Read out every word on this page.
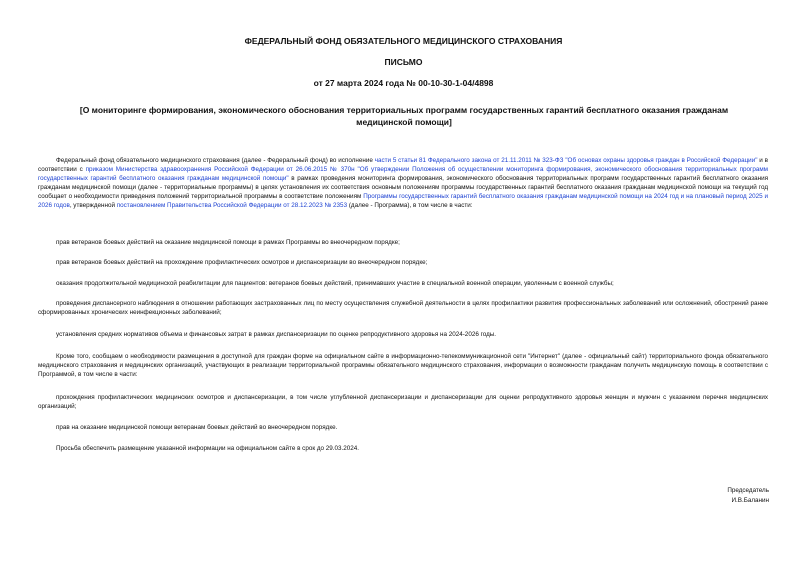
ФЕДЕРАЛЬНЫЙ ФОНД ОБЯЗАТЕЛЬНОГО МЕДИЦИНСКОГО СТРАХОВАНИЯ
ПИСЬМО
от 27 марта 2024 года № 00-10-30-1-04/4898
[О мониторинге формирования, экономического обоснования территориальных программ государственных гарантий бесплатного оказания гражданам медицинской помощи]
Федеральный фонд обязательного медицинского страхования (далее - Федеральный фонд) во исполнение части 5 статьи 81 Федерального закона от 21.11.2011 № 323-ФЗ "Об основах охраны здоровья граждан в Российской Федерации" и в соответствии с приказом Министерства здравоохранения Российской Федерации от 26.06.2015 № 370н "Об утверждении Положения об осуществлении мониторинга формирования, экономического обоснования территориальных программ государственных гарантий бесплатного оказания гражданам медицинской помощи" в рамках проведения мониторинга формирования, экономического обоснования территориальных программ государственных гарантий бесплатного оказания гражданам медицинской помощи (далее - территориальные программы) в целях установления их соответствия основным положениям программы государственных гарантий бесплатного оказания гражданам медицинской помощи на текущий год сообщает о необходимости приведения положений территориальной программы в соответствие положениям Программы государственных гарантий бесплатного оказания гражданам медицинской помощи на 2024 год и на плановый период 2025 и 2026 годов, утвержденной постановлением Правительства Российской Федерации от 28.12.2023 № 2353 (далее - Программа), в том числе в части:
прав ветеранов боевых действий на оказание медицинской помощи в рамках Программы во внеочередном порядке;
прав ветеранов боевых действий на прохождение профилактических осмотров и диспансеризации во внеочередном порядке;
оказания продолжительной медицинской реабилитации для пациентов: ветеранов боевых действий, принимавших участие в специальной военной операции, уволенным с военной службы;
проведения диспансерного наблюдения в отношении работающих застрахованных лиц по месту осуществления служебной деятельности в целях профилактики развития профессиональных заболеваний или осложнений, обострений ранее сформированных хронических неинфекционных заболеваний;
установления средних нормативов объема и финансовых затрат в рамках диспансеризации по оценке репродуктивного здоровья на 2024-2026 годы.
Кроме того, сообщаем о необходимости размещения в доступной для граждан форме на официальном сайте в информационно-телекоммуникационной сети "Интернет" (далее - официальный сайт) территориального фонда обязательного медицинского страхования и медицинских организаций, участвующих в реализации территориальной программы обязательного медицинского страхования, информации о возможности гражданам получить медицинскую помощь в соответствии с Программой, в том числе в части:
прохождения профилактических медицинских осмотров и диспансеризации, в том числе углубленной диспансеризации и диспансеризации для оценки репродуктивного здоровья женщин и мужчин с указанием перечня медицинских организаций;
прав на оказание медицинской помощи ветеранам боевых действий во внеочередном порядке.
Просьба обеспечить размещение указанной информации на официальном сайте в срок до 29.03.2024.
Председатель
И.В.Баланин
